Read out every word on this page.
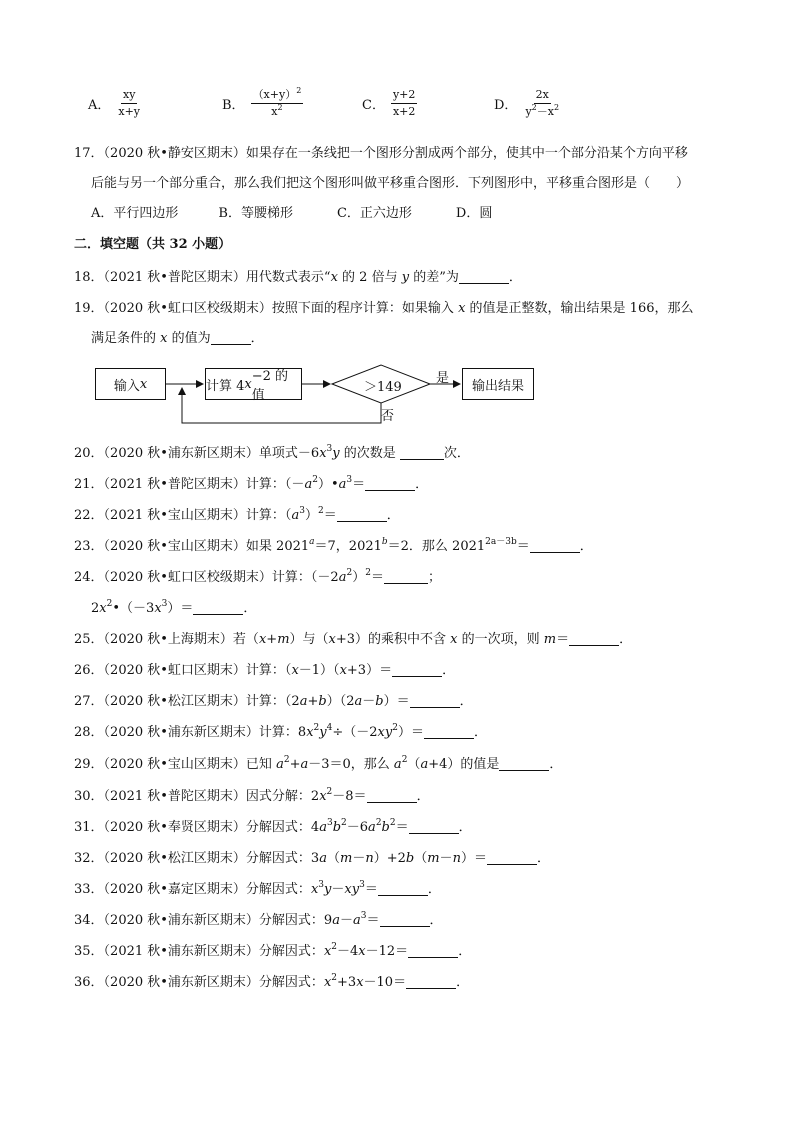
A． $\frac{xy}{x+y}$	B． $\frac{(x+y)^2}{x^2}$	C． $\frac{y+2}{x+2}$	D． $\frac{2x}{y^2-x^2}$
17．（2020 秋•静安区期末）如果存在一条线把一个图形分割成两个部分，使其中一个部分沿某个方向平移
后能与另一个部分重合，那么我们把这个图形叫做平移重合图形．下列图形中，平移重合图形是（　　）
A．平行四边形	B．等腰梯形	C．正六边形	D．圆
二．填空题（共 32 小题）
18．（2021 秋•普陀区期末）用代数式表示“x 的 2 倍与 y 的差”为	．
19．（2020 秋•虹口区校级期末）按照下面的程序计算：如果输入 x 的值是正整数，输出结果是 166，那么
满足条件的 x 的值为	．
输入 x	计算 4 x −2 的值
＞149
是
否
输出结果
20．（2020 秋•浦东新区期末）单项式$-6x^3y$ 的次数是	次．
21．（2021 秋•普陀区期末）计算：$(-a^2)•a^3=$	．
22．（2021 秋•宝山区期末）计算：$(a^3)^2=$	．
23．（2020 秋•宝山区期末）如果 $2021^a=7$，$2021^b=2$．那么 $2021^{2a-3b}=$	．
24．（2020 秋•虹口区校级期末）计算：$(-2a^2)^2=$	；
$2x^2•(-3x^3)=$	．
25．（2020 秋•上海期末）若（x+m）与（x+3）的乘积中不含 x 的一次项，则 m＝	．
26．（2020 秋•虹口区期末）计算：（x－1）（x+3）＝	．
27．（2020 秋•松江区期末）计算：（2a+b）（2a－b）＝	．
28．（2020 秋•浦东新区期末）计算：$8x^2y^4\div(-2xy^2)=$	．
29．（2020 秋•宝山区期末）已知 $a^2+a-3=0$，那么 $a^2(a+4)$的值是	．
30．（2021 秋•普陀区期末）因式分解：$2x^2-8=$	．
31．（2020 秋•奉贤区期末）分解因式：$4a^3b^2-6a^2b^2=$	．
32．（2020 秋•松江区期末）分解因式：3a（m－n）+2b（m－n）＝	．
33．（2020 秋•嘉定区期末）分解因式：$x^3y-xy^3=$	．
34．（2020 秋•浦东新区期末）分解因式：$9a-a^3=$	．
35．（2021 秋•浦东新区期末）分解因式：$x^2-4x-12=$	．
36．（2020 秋•浦东新区期末）分解因式：$x^2+3x-10=$	．
